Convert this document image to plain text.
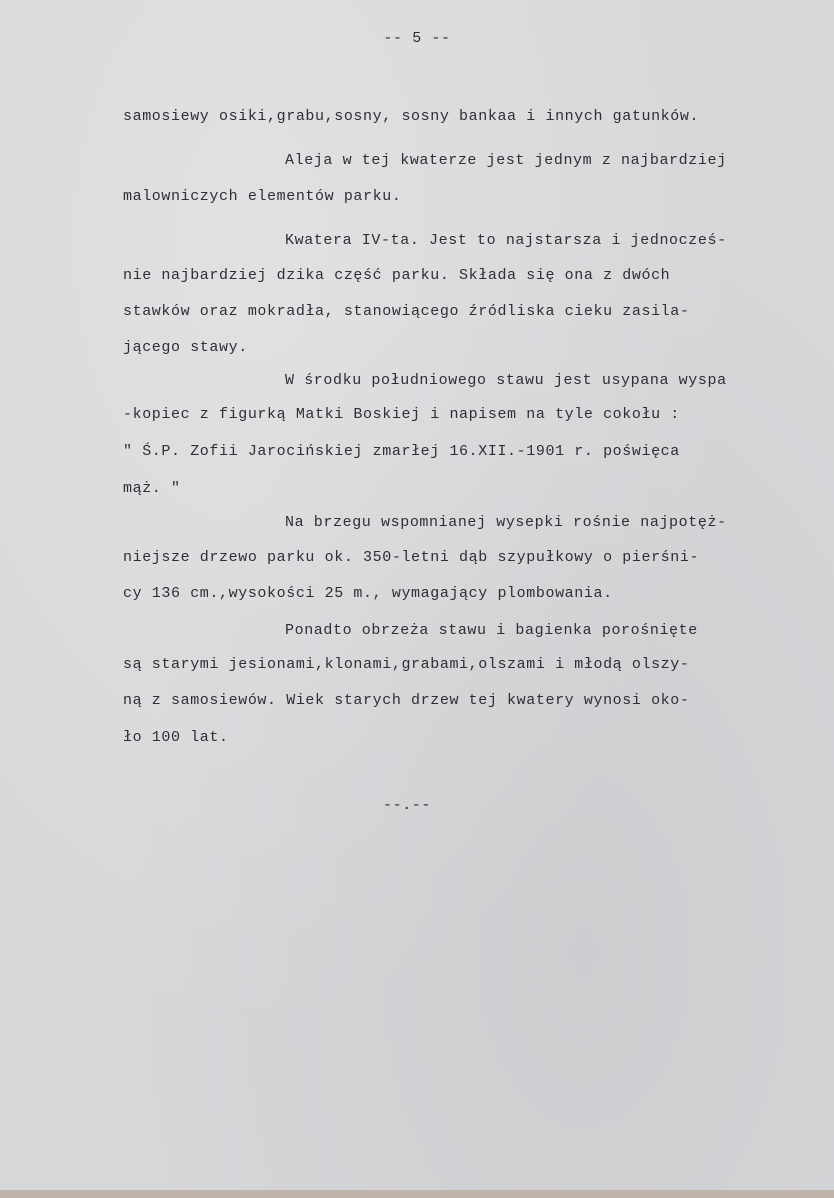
-- 5 --

samosiewy osiki,grabu,sosny, sosny bankaa i innych gatunków.

Aleja w tej kwaterze jest jednym z najbardziej

malowniczych elementów parku.

Kwatera IV-ta. Jest to najstarsza i jednocześ-

nie najbardziej dzika część parku. Składa się ona z dwóch

stawków oraz mokradła, stanowiącego źródliska cieku zasila-

jącego stawy.

W środku południowego stawu jest usypana wyspa

-kopiec z figurką Matki Boskiej i napisem na tyle cokołu :

" Ś.P. Zofii Jarocińskiej zmarłej 16.XII.-1901 r. poświęca

mąż. "

Na brzegu wspomnianej wysepki rośnie najpotęż-

niejsze drzewo parku ok. 350-letni dąb szypułkowy o pierśni-

cy 136 cm.,wysokości 25 m., wymagający plombowania.

Ponadto obrzeża stawu i bagienka porośnięte

są starymi jesionami,klonami,grabami,olszami i młodą olszy-

ną z samosiewów. Wiek starych drzew tej kwatery wynosi oko-

ło 100 lat.

--.--
